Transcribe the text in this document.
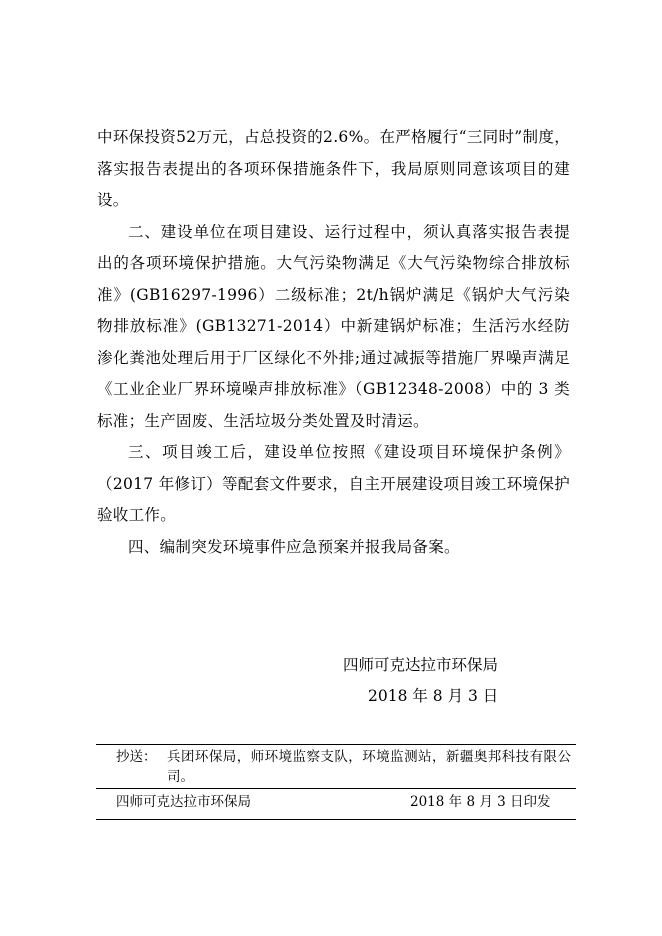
中环保投资52万元，占总投资的2.6%。在严格履行“三同时”制度，落实报告表提出的各项环保措施条件下，我局原则同意该项目的建设。

二、建设单位在项目建设、运行过程中，须认真落实报告表提出的各项环境保护措施。大气污染物满足《大气污染物综合排放标准》(GB16297-1996）二级标准；2t/h锅炉满足《锅炉大气污染物排放标准》(GB13271-2014）中新建锅炉标准；生活污水经防渗化粪池处理后用于厂区绿化不外排;通过减振等措施厂界噪声满足《工业企业厂界环境噪声排放标准》（GB12348-2008）中的 3 类标准；生产固废、生活垃圾分类处置及时清运。

三、项目竣工后，建设单位按照《建设项目环境保护条例》（2017 年修订）等配套文件要求，自主开展建设项目竣工环境保护验收工作。

四、编制突发环境事件应急预案并报我局备案。

四师可克达拉市环保局
2018 年 8 月 3 日
抄送： 兵团环保局，师环境监察支队，环境监测站，新疆奥邦科技有限公司。
四师可克达拉市环保局	2018 年 8 月 3 日印发
